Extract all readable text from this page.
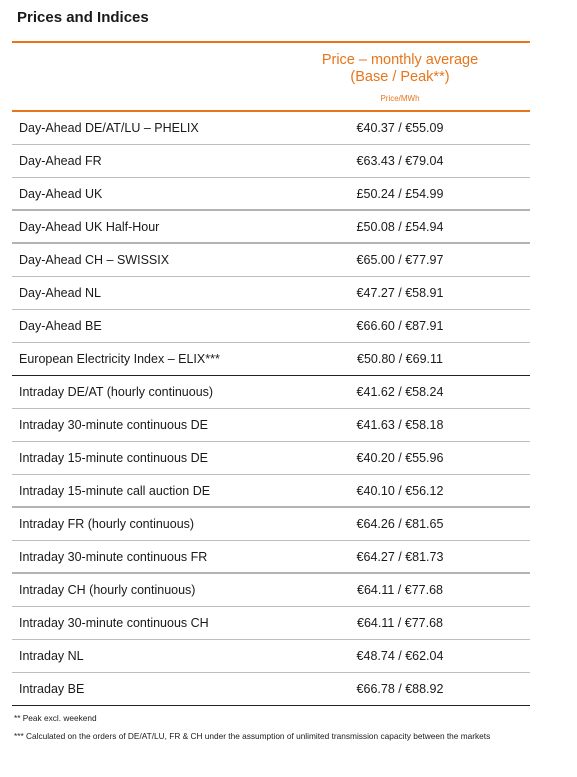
Prices and Indices
Price – monthly average
(Base / Peak**)
Price/MWh
Day-Ahead DE/AT/LU – PHELIX	€40.37 / €55.09
Day-Ahead FR	€63.43 / €79.04
Day-Ahead UK	£50.24 / £54.99
Day-Ahead UK Half-Hour	£50.08 / £54.94
Day-Ahead CH – SWISSIX	€65.00 / €77.97
Day-Ahead NL	€47.27 / €58.91
Day-Ahead BE	€66.60 / €87.91
European Electricity Index – ELIX***	€50.80 / €69.11
Intraday DE/AT (hourly continuous)	€41.62 / €58.24
Intraday 30-minute continuous DE	€41.63 / €58.18
Intraday 15-minute continuous DE	€40.20 / €55.96
Intraday 15-minute call auction DE	€40.10 / €56.12
Intraday FR (hourly continuous)	€64.26 / €81.65
Intraday 30-minute continuous FR	€64.27 / €81.73
Intraday CH (hourly continuous)	€64.11 / €77.68
Intraday 30-minute continuous CH	€64.11 / €77.68
Intraday NL	€48.74 / €62.04
Intraday BE	€66.78 / €88.92
** Peak excl. weekend
*** Calculated on the orders of DE/AT/LU, FR & CH under the assumption of unlimited transmission capacity between the markets
